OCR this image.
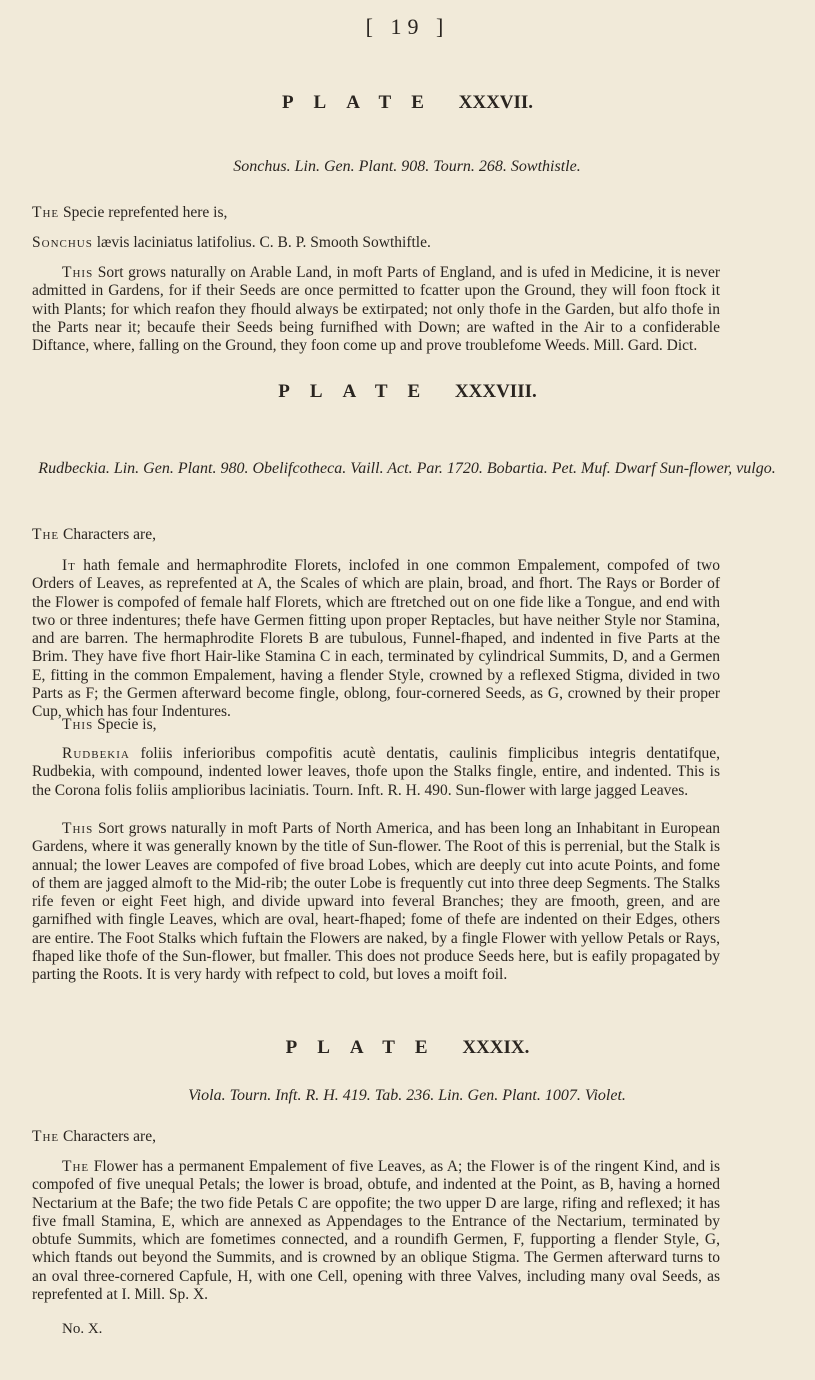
[ 19 ]
PLATE XXXVII.
Sonchus. Lin. Gen. Plant. 908. Tourn. 268. Sowthistle.
The Specie reprefented here is,
Sonchus lævis laciniatus latifolius. C. B. P. Smooth Sowthiftle.
This Sort grows naturally on Arable Land, in moft Parts of England, and is ufed in Medicine, it is never admitted in Gardens, for if their Seeds are once permitted to fcatter upon the Ground, they will foon ftock it with Plants; for which reafon they fhould always be extirpated; not only thofe in the Garden, but alfo thofe in the Parts near it; becaufe their Seeds being furnifhed with Down; are wafted in the Air to a confiderable Diftance, where, falling on the Ground, they foon come up and prove troublefome Weeds. Mill. Gard. Dict.
PLATE XXXVIII.
Rudbeckia. Lin. Gen. Plant. 980. Obelifcotheca. Vaill. Act. Par. 1720. Bobartia. Pet. Muf. Dwarf Sun-flower, vulgo.
The Characters are,
It hath female and hermaphrodite Florets, inclofed in one common Empalement, compofed of two Orders of Leaves, as reprefented at A, the Scales of which are plain, broad, and fhort. The Rays or Border of the Flower is compofed of female half Florets, which are ftretched out on one fide like a Tongue, and end with two or three indentures; thefe have Germen fitting upon proper Reptacles, but have neither Style nor Stamina, and are barren. The hermaphrodite Florets B are tubulous, Funnel-fhaped, and indented in five Parts at the Brim. They have five fhort Hair-like Stamina C in each, terminated by cylindrical Summits, D, and a Germen E, fitting in the common Empalement, having a flender Style, crowned by a reflexed Stigma, divided in two Parts as F; the Germen afterward become fingle, oblong, four-cornered Seeds, as G, crowned by their proper Cup, which has four Indentures.
This Specie is,
Rudbekia foliis inferioribus compofitis acutè dentatis, caulinis fimplicibus integris dentatifque, Rudbekia, with compound, indented lower leaves, thofe upon the Stalks fingle, entire, and indented. This is the Corona folis foliis amplioribus laciniatis. Tourn. Inft. R. H. 490. Sun-flower with large jagged Leaves.
This Sort grows naturally in moft Parts of North America, and has been long an Inhabitant in European Gardens, where it was generally known by the title of Sun-flower. The Root of this is perrenial, but the Stalk is annual; the lower Leaves are compofed of five broad Lobes, which are deeply cut into acute Points, and fome of them are jagged almoft to the Mid-rib; the outer Lobe is frequently cut into three deep Segments. The Stalks rife feven or eight Feet high, and divide upward into feveral Branches; they are fmooth, green, and are garnifhed with fingle Leaves, which are oval, heart-fhaped; fome of thefe are indented on their Edges, others are entire. The Foot Stalks which fuftain the Flowers are naked, by a fingle Flower with yellow Petals or Rays, fhaped like thofe of the Sun-flower, but fmaller. This does not produce Seeds here, but is eafily propagated by parting the Roots. It is very hardy with refpect to cold, but loves a moift foil.
PLATE XXXIX.
Viola. Tourn. Inft. R. H. 419. Tab. 236. Lin. Gen. Plant. 1007. Violet.
The Characters are,
The Flower has a permanent Empalement of five Leaves, as A; the Flower is of the ringent Kind, and is compofed of five unequal Petals; the lower is broad, obtufe, and indented at the Point, as B, having a horned Nectarium at the Bafe; the two fide Petals C are oppofite; the two upper D are large, rifing and reflexed; it has five fmall Stamina, E, which are annexed as Appendages to the Entrance of the Nectarium, terminated by obtufe Summits, which are fometimes connected, and a roundifh Germen, F, fupporting a flender Style, G, which ftands out beyond the Summits, and is crowned by an oblique Stigma. The Germen afterward turns to an oval three-cornered Capfule, H, with one Cell, opening with three Valves, including many oval Seeds, as reprefented at I. Mill. Sp. X.
No. X.
